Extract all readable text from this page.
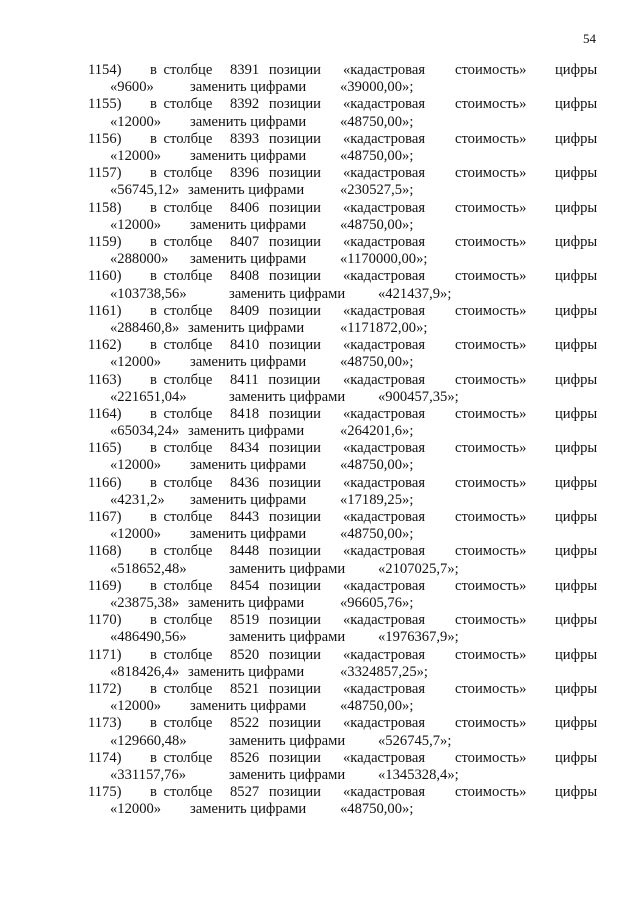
54
1154) в столбце 8391 позиции «кадастровая стоимость» цифры
«9600» заменить цифрами «39000,00»;
1155) в столбце 8392 позиции «кадастровая стоимость» цифры
«12000» заменить цифрами «48750,00»;
1156) в столбце 8393 позиции «кадастровая стоимость» цифры
«12000» заменить цифрами «48750,00»;
1157) в столбце 8396 позиции «кадастровая стоимость» цифры
«56745,12» заменить цифрами «230527,5»;
1158) в столбце 8406 позиции «кадастровая стоимость» цифры
«12000» заменить цифрами «48750,00»;
1159) в столбце 8407 позиции «кадастровая стоимость» цифры
«288000» заменить цифрами «1170000,00»;
1160) в столбце 8408 позиции «кадастровая стоимость» цифры
«103738,56»	заменить цифрами «421437,9»;
1161) в столбце 8409 позиции «кадастровая стоимость» цифры
«288460,8» заменить цифрами «1171872,00»;
1162) в столбце 8410 позиции «кадастровая стоимость» цифры
«12000» заменить цифрами «48750,00»;
1163) в столбце 8411 позиции «кадастровая стоимость» цифры
«221651,04»	заменить цифрами «900457,35»;
1164) в столбце 8418 позиции «кадастровая стоимость» цифры
«65034,24» заменить цифрами «264201,6»;
1165) в столбце 8434 позиции «кадастровая стоимость» цифры
«12000» заменить цифрами «48750,00»;
1166) в столбце 8436 позиции «кадастровая стоимость» цифры
«4231,2» заменить цифрами «17189,25»;
1167) в столбце 8443 позиции «кадастровая стоимость» цифры
«12000» заменить цифрами «48750,00»;
1168) в столбце 8448 позиции «кадастровая стоимость» цифры
«518652,48»	заменить цифрами «2107025,7»;
1169) в столбце 8454 позиции «кадастровая стоимость» цифры
«23875,38» заменить цифрами «96605,76»;
1170) в столбце 8519 позиции «кадастровая стоимость» цифры
«486490,56»	заменить цифрами «1976367,9»;
1171) в столбце 8520 позиции «кадастровая стоимость» цифры
«818426,4» заменить цифрами «3324857,25»;
1172) в столбце 8521 позиции «кадастровая стоимость» цифры
«12000» заменить цифрами «48750,00»;
1173) в столбце 8522 позиции «кадастровая стоимость» цифры
«129660,48»	заменить цифрами «526745,7»;
1174) в столбце 8526 позиции «кадастровая стоимость» цифры
«331157,76»	заменить цифрами «1345328,4»;
1175) в столбце 8527 позиции «кадастровая стоимость» цифры
«12000» заменить цифрами «48750,00»;
